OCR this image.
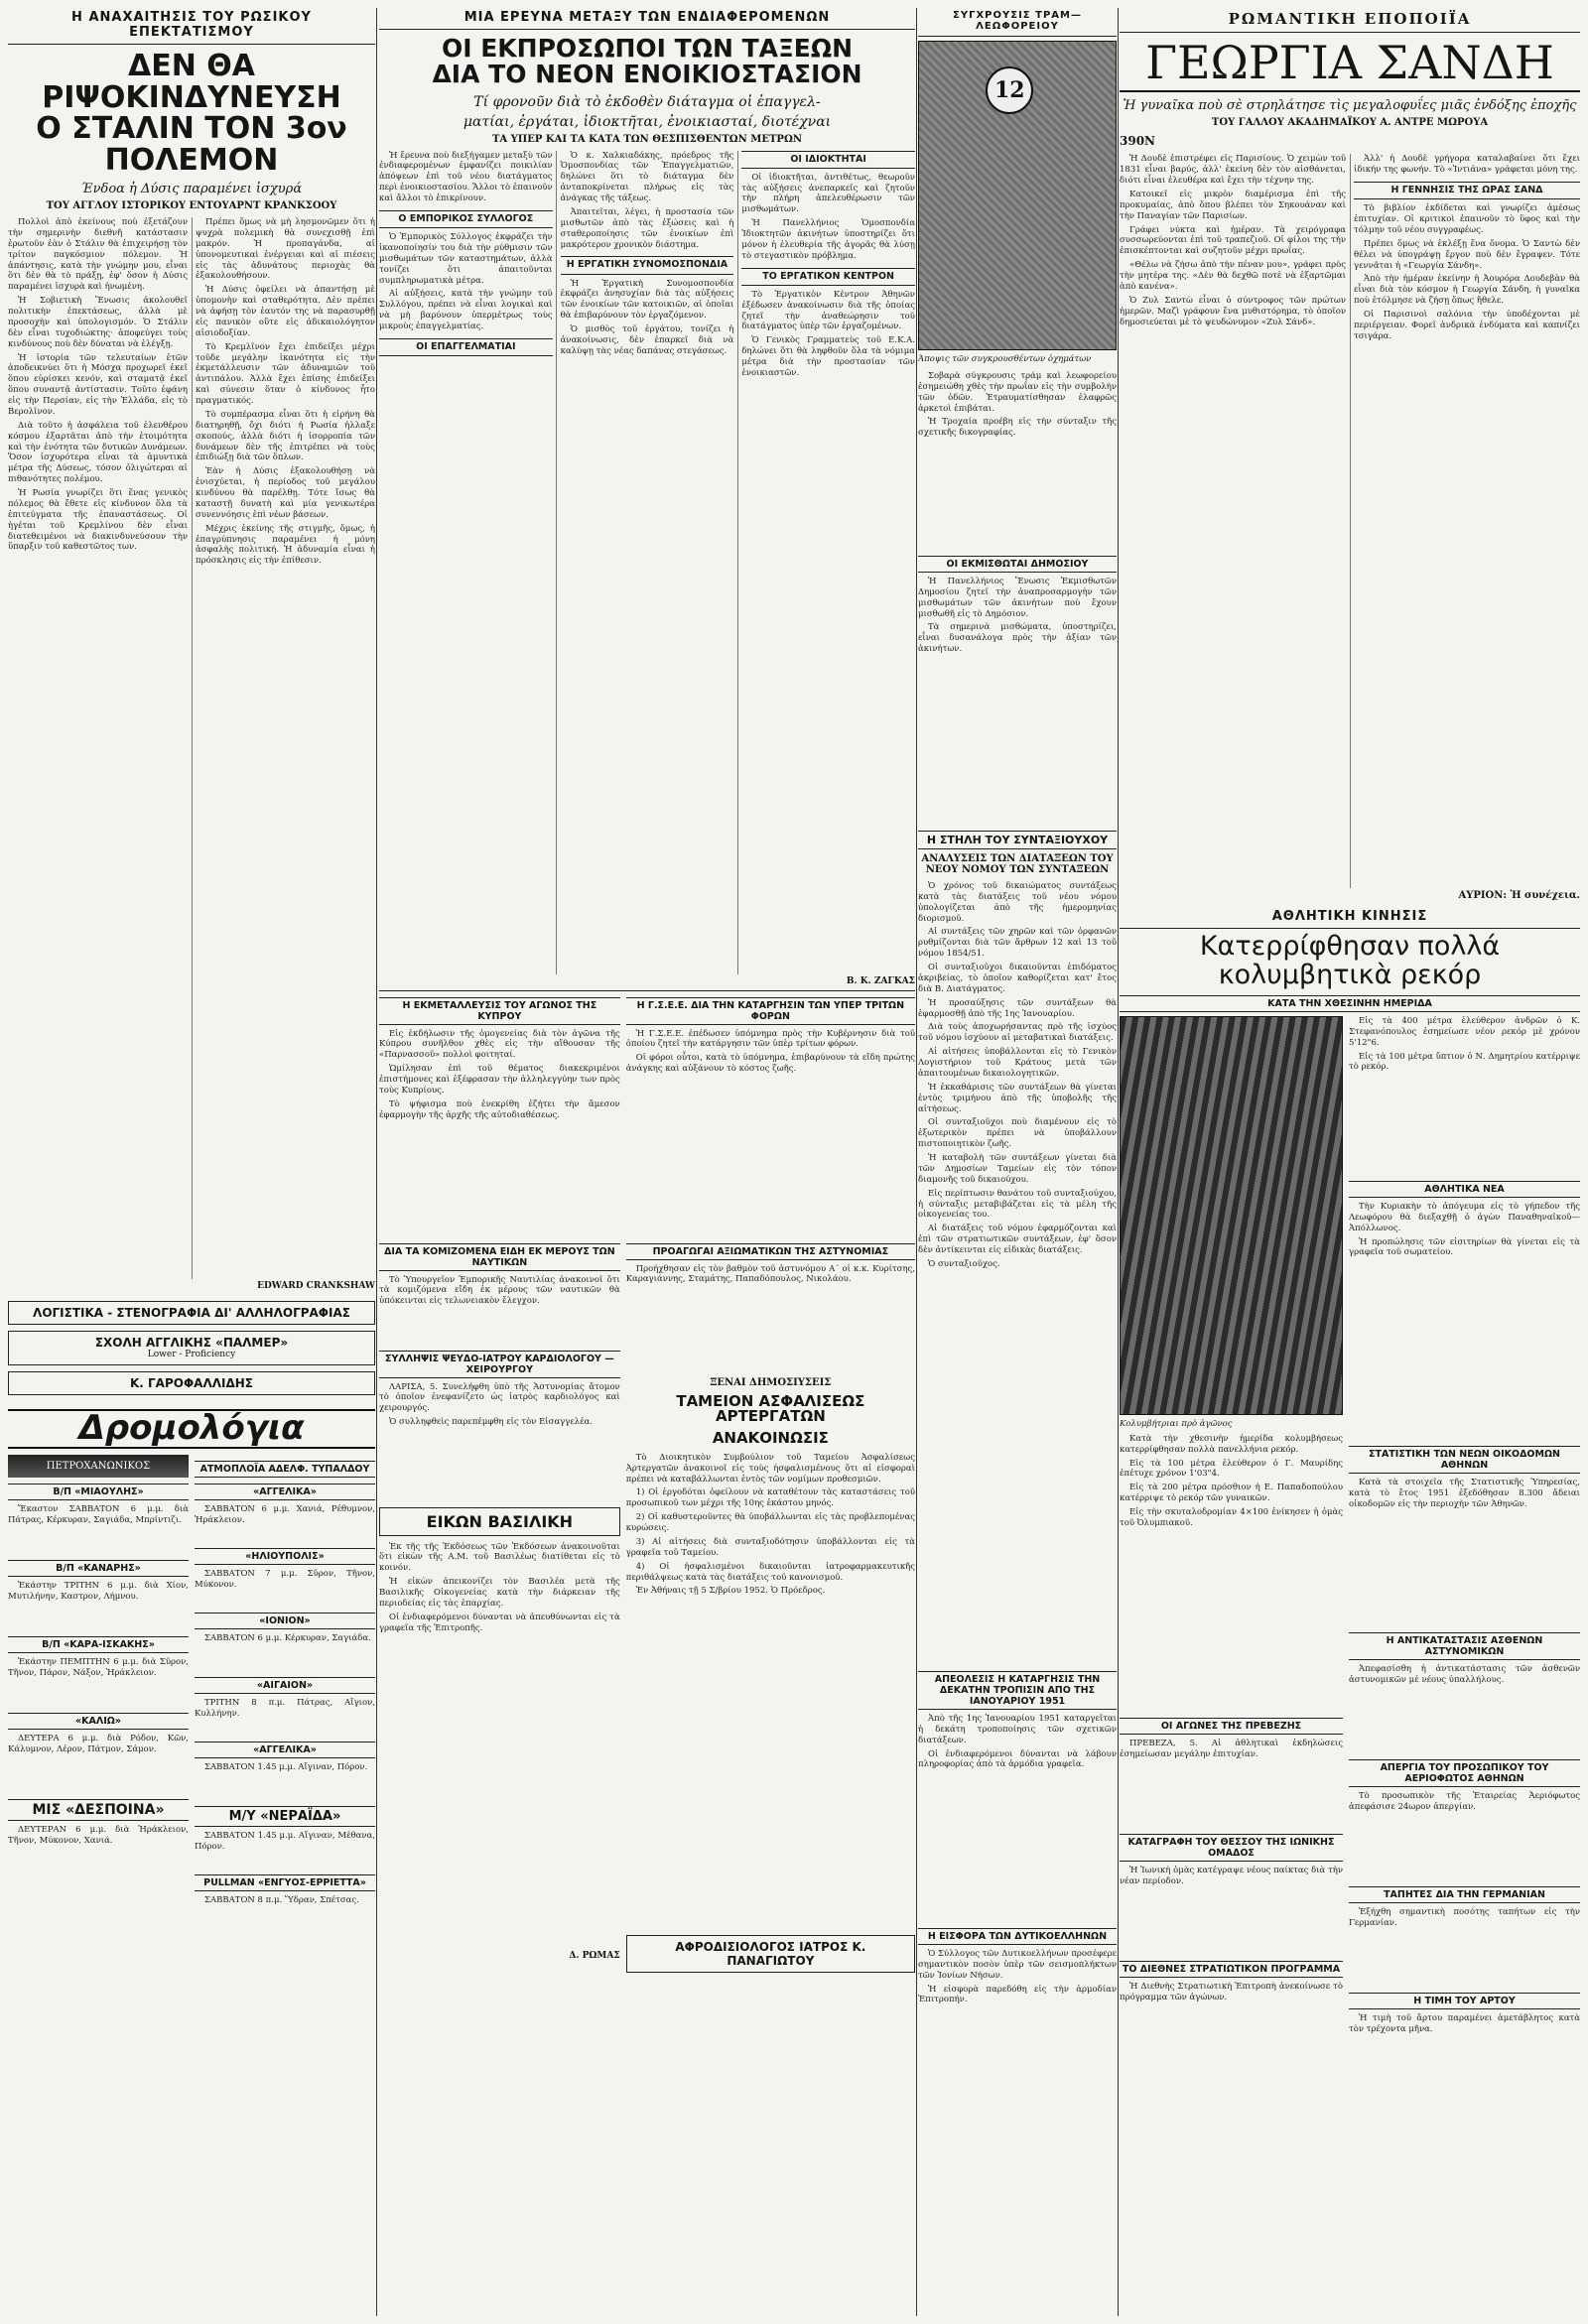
Η ΑΝΑΧΑΙΤΗΣΙΣ ΤΟΥ ΡΩΣΙΚΟΥ ΕΠΕΚΤΑΤΙΣΜΟΥ
ΔΕΝ ΘΑ ΡΙΨΟΚΙΝΔΥΝΕΥΣΗ
Ο ΣΤΑΛΙΝ ΤΟΝ 3ον ΠΟΛΕΜΟΝ
Ένδοα ἡ Δύσις παραμένει ἰσχυρά
ΤΟΥ ΑΓΓΛΟΥ ΙΣΤΟΡΙΚΟΥ ΕΝΤΟΥΑΡΝΤ ΚΡΑΝΚΣΟΟΥ

Πολλοὶ ἀπὸ ἐκείνους ποὺ ἐξετάζουν τὴν σημερινὴν διεθνῆ κατάστασιν ἐρωτοῦν ἐὰν ὁ Στάλιν θὰ ἐπιχειρήσῃ τὸν τρίτον παγκόσμιον πόλεμον. Ἡ ἀπάντησις, κατὰ τὴν γνώμην μου, εἶναι ὅτι δὲν θὰ τὸ πράξῃ, ἐφ' ὅσον ἡ Δύσις παραμένει ἰσχυρὰ καὶ ἡνωμένη.

Ἡ Σοβιετικὴ Ἕνωσις ἀκολουθεῖ πολιτικὴν ἐπεκτάσεως, ἀλλὰ μὲ προσοχὴν καὶ ὑπολογισμόν. Ὁ Στάλιν δὲν εἶναι τυχοδιώκτης· ἀποφεύγει τοὺς κινδύνους ποὺ δὲν δύναται νὰ ἐλέγξῃ.

Ἡ ἱστορία τῶν τελευταίων ἐτῶν ἀποδεικνύει ὅτι ἡ Μόσχα προχωρεῖ ἐκεῖ ὅπου εὑρίσκει κενόν, καὶ σταματᾷ ἐκεῖ ὅπου συναντᾷ ἀντίστασιν. Τοῦτο ἐφάνη εἰς τὴν Περσίαν, εἰς τὴν Ἑλλάδα, εἰς τὸ Βερολῖνον.

Διὰ τοῦτο ἡ ἀσφάλεια τοῦ ἐλευθέρου κόσμου ἐξαρτᾶται ἀπὸ τὴν ἑτοιμότητα καὶ τὴν ἑνότητα τῶν δυτικῶν Δυνάμεων. Ὅσον ἰσχυρότερα εἶναι τὰ ἀμυντικὰ μέτρα τῆς Δύσεως, τόσον ὀλιγώτεραι αἱ πιθανότητες πολέμου.

Ἡ Ρωσία γνωρίζει ὅτι ἕνας γενικὸς πόλεμος θὰ ἔθετε εἰς κίνδυνον ὅλα τὰ ἐπιτεύγματα τῆς ἐπαναστάσεως. Οἱ ἡγέται τοῦ Κρεμλίνου δὲν εἶναι διατεθειμένοι νὰ διακινδυνεύσουν τὴν ὕπαρξιν τοῦ καθεστῶτος των.

Πρέπει ὅμως νὰ μὴ λησμονῶμεν ὅτι ἡ ψυχρὰ πολεμικὴ θὰ συνεχισθῇ ἐπὶ μακρόν. Ἡ προπαγάνδα, αἱ ὑπονομευτικαὶ ἐνέργειαι καὶ αἱ πιέσεις εἰς τὰς ἀδυνάτους περιοχὰς θὰ ἐξακολουθήσουν.

Ἡ Δύσις ὀφείλει νὰ ἀπαντήσῃ μὲ ὑπομονὴν καὶ σταθερότητα. Δὲν πρέπει νὰ ἀφήσῃ τὸν ἑαυτόν της νὰ παρασυρθῇ εἰς πανικὸν οὔτε εἰς ἀδικαιολόγητον αἰσιοδοξίαν.

Τὸ Κρεμλῖνον ἔχει ἐπιδείξει μέχρι τοῦδε μεγάλην ἱκανότητα εἰς τὴν ἐκμετάλλευσιν τῶν ἀδυναμιῶν τοῦ ἀντιπάλου. Ἀλλὰ ἔχει ἐπίσης ἐπιδείξει καὶ σύνεσιν ὅταν ὁ κίνδυνος ἦτο πραγματικός.

Τὸ συμπέρασμα εἶναι ὅτι ἡ εἰρήνη θὰ διατηρηθῇ, ὄχι διότι ἡ Ρωσία ἠλλαξε σκοπούς, ἀλλὰ διότι ἡ ἰσορροπία τῶν δυνάμεων δὲν τῆς ἐπιτρέπει νὰ τοὺς ἐπιδιώξῃ διὰ τῶν ὅπλων.

Ἐὰν ἡ Δύσις ἐξακολουθήσῃ νὰ ἐνισχύεται, ἡ περίοδος τοῦ μεγάλου κινδύνου θὰ παρέλθῃ. Τότε ἴσως θὰ καταστῇ δυνατὴ καὶ μία γενικωτέρα συνεννόησις ἐπὶ νέων βάσεων.

Μέχρις ἐκείνης τῆς στιγμῆς, ὅμως, ἡ ἐπαγρύπνησις παραμένει ἡ μόνη ἀσφαλὴς πολιτική. Ἡ ἀδυναμία εἶναι ἡ πρόσκλησις εἰς τὴν ἐπίθεσιν.

EDWARD CRANKSHAW
ΛΟΓΙΣΤΙΚΑ - ΣΤΕΝΟΓΡΑΦΙΑ ΔΙ' ΑΛΛΗΛΟΓΡΑΦΙΑΣ
ΣΧΟΛΗ ΑΓΓΛΙΚΗΣ «ΠΑΛΜΕΡ»
Lower - Proficiency
Κ. ΓΑΡΟΦΑΛΛΙΔΗΣ
Δρομολόγια
ΠΕΤΡΟΧΑΝΩΝΙΚΟΣ
Β/Π «ΜΙΑΟΥΛΗΣ»

Ἔκαστον ΣΑΒΒΑΤΟΝ 6 μ.μ. διὰ Πάτρας, Κέρκυραν, Σαγιάδα, Μπρίντιζι.

Β/Π «ΚΑΝΑΡΗΣ»

Ἑκάστην ΤΡΙΤΗΝ 6 μ.μ. διὰ Χίον, Μυτιλήνην, Καστρον, Λήμνου.

Β/Π «ΚΑΡΑ-ΙΣΚΑΚΗΣ»

Ἑκάστην ΠΕΜΠΤΗΝ 6 μ.μ. διὰ Σῦρον, Τῆνον, Πάρον, Νάξον, Ἡράκλειον.

«ΚΑΛΙΩ»

ΔΕΥΤΕΡΑ 6 μ.μ. διὰ Ρόδον, Κῶν, Κάλυμνον, Λέρον, Πάτμον, Σάμον.

ΜΙΣ «ΔΕΣΠΟΙΝΑ»

ΔΕΥΤΕΡΑΝ 6 μ.μ. διὰ Ἡράκλειον, Τῆνον, Μύκονον, Χανιά.

ΑΤΜΟΠΛΟΪΑ ΑΔΕΛΦ. ΤΥΠΑΛΔΟΥ
«ΑΓΓΕΛΙΚΑ»

ΣΑΒΒΑΤΟΝ 6 μ.μ. Χανιά, Ρέθυμνον, Ἡράκλειον.

«ΗΛΙΟΥΠΟΛΙΣ»

ΣΑΒΒΑΤΟΝ 7 μ.μ. Σῦρον, Τῆνον, Μύκονον.

«ΙΟΝΙΟΝ»

ΣΑΒΒΑΤΟΝ 6 μ.μ. Κέρκυραν, Σαγιάδα.

«ΑΙΓΑΙΟΝ»

ΤΡΙΤΗΝ 8 π.μ. Πάτρας, Αἴγιον, Κυλλήνην.

«ΑΓΓΕΛΙΚΑ»

ΣΑΒΒΑΤΟΝ 1.45 μ.μ. Αἴγιναν, Πόρον.

Μ/Υ «ΝΕΡΑΪΔΑ»

ΣΑΒΒΑΤΟΝ 1.45 μ.μ. Αἴγιναν, Μέθανα, Πόρον.

PULLMAN «ΕΝΓΥΟΣ-ΕΡΡΙΕΤΤΑ»

ΣΑΒΒΑΤΟΝ 8 π.μ. Ὕδραν, Σπέτσας.

ΜΙΑ ΕΡΕΥΝΑ ΜΕΤΑΞΥ ΤΩΝ ΕΝΔΙΑΦΕΡΟΜΕΝΩΝ
ΟΙ ΕΚΠΡΟΣΩΠΟΙ ΤΩΝ ΤΑΞΕΩΝ
ΔΙΑ ΤΟ ΝΕΟΝ ΕΝΟΙΚΙΟΣΤΑΣΙΟΝ
Τί φρονοῦν διὰ τὸ ἐκδοθὲν διάταγμα οἱ ἐπαγγελ-
ματίαι, ἐργάται, ἰδιοκτῆται, ἐνοικιασταί, διοτέχναι
ΤΑ ΥΠΕΡ ΚΑΙ ΤΑ ΚΑΤΑ ΤΩΝ ΘΕΣΠΙΣΘΕΝΤΩΝ ΜΕΤΡΩΝ

Ἡ ἔρευνα ποὺ διεξήγαμεν μεταξὺ τῶν ἐνδιαφερομένων ἐμφανίζει ποικιλίαν ἀπόψεων ἐπὶ τοῦ νέου διατάγματος περὶ ἐνοικιοστασίου. Ἄλλοι τὸ ἐπαινοῦν καὶ ἄλλοι τὸ ἐπικρίνουν.

Ο ΕΜΠΟΡΙΚΟΣ ΣΥΛΛΟΓΟΣ

Ὁ Ἐμπορικὸς Σύλλογος ἐκφράζει τὴν ἱκανοποίησίν του διὰ τὴν ρύθμισιν τῶν μισθωμάτων τῶν καταστημάτων, ἀλλὰ τονίζει ὅτι ἀπαιτοῦνται συμπληρωματικὰ μέτρα.

Αἱ αὐξήσεις, κατὰ τὴν γνώμην τοῦ Συλλόγου, πρέπει νὰ εἶναι λογικαὶ καὶ νὰ μὴ βαρύνουν ὑπερμέτρως τοὺς μικροὺς ἐπαγγελματίας.

ΟΙ ΕΠΑΓΓΕΛΜΑΤΙΑΙ

Ὁ κ. Χαλκιαδάκης, πρόεδρος τῆς Ὁμοσπονδίας τῶν Ἐπαγγελματιῶν, δηλώνει ὅτι τὸ διάταγμα δὲν ἀνταποκρίνεται πλήρως εἰς τὰς ἀνάγκας τῆς τάξεως.

Ἀπαιτεῖται, λέγει, ἡ προστασία τῶν μισθωτῶν ἀπὸ τὰς ἐξώσεις καὶ ἡ σταθεροποίησις τῶν ἐνοικίων ἐπὶ μακρότερον χρονικὸν διάστημα.

Η ΕΡΓΑΤΙΚΗ ΣΥΝΟΜΟΣΠΟΝΔΙΑ

Ἡ Ἐργατικὴ Συνομοσπονδία ἐκφράζει ἀνησυχίαν διὰ τὰς αὐξήσεις τῶν ἐνοικίων τῶν κατοικιῶν, αἱ ὁποῖαι θὰ ἐπιβαρύνουν τὸν ἐργαζόμενον.

Ὁ μισθὸς τοῦ ἐργάτου, τονίζει ἡ ἀνακοίνωσις, δὲν ἐπαρκεῖ διὰ νὰ καλύψῃ τὰς νέας δαπάνας στεγάσεως.

ΟΙ ΙΔΙΟΚΤΗΤΑΙ

Οἱ ἰδιοκτῆται, ἀντιθέτως, θεωροῦν τὰς αὐξήσεις ἀνεπαρκεῖς καὶ ζητοῦν τὴν πλήρη ἀπελευθέρωσιν τῶν μισθωμάτων.

Ἡ Πανελλήνιος Ὁμοσπονδία Ἰδιοκτητῶν ἀκινήτων ὑποστηρίζει ὅτι μόνον ἡ ἐλευθερία τῆς ἀγορᾶς θὰ λύσῃ τὸ στεγαστικὸν πρόβλημα.

ΤΟ ΕΡΓΑΤΙΚΟΝ ΚΕΝΤΡΟΝ

Τὸ Ἐργατικὸν Κέντρον Ἀθηνῶν ἐξέδωσεν ἀνακοίνωσιν διὰ τῆς ὁποίας ζητεῖ τὴν ἀναθεώρησιν τοῦ διατάγματος ὑπὲρ τῶν ἐργαζομένων.

Ὁ Γενικὸς Γραμματεὺς τοῦ Ε.Κ.Α. δηλώνει ὅτι θὰ ληφθοῦν ὅλα τὰ νόμιμα μέτρα διὰ τὴν προστασίαν τῶν ἐνοικιαστῶν.

Β. Κ. ΖΑΓΚΑΣ
Η ΕΚΜΕΤΑΛΛΕΥΣΙΣ ΤΟΥ ΑΓΩΝΟΣ ΤΗΣ ΚΥΠΡΟΥ

Εἰς ἐκδήλωσιν τῆς ὁμογενείας διὰ τὸν ἀγῶνα τῆς Κύπρου συνῆλθον χθὲς εἰς τὴν αἴθουσαν τῆς «Παρνασσοῦ» πολλοὶ φοιτηταί.

Ὡμίλησαν ἐπὶ τοῦ θέματος διακεκριμένοι ἐπιστήμονες καὶ ἐξέφρασαν τὴν ἀλληλεγγύην των πρὸς τοὺς Κυπρίους.

Τὸ ψήφισμα ποὺ ἐνεκρίθη ἐζήτει τὴν ἄμεσον ἐφαρμογὴν τῆς ἀρχῆς τῆς αὐτοδιαθέσεως.

ΔΙΑ ΤΑ ΚΟΜΙΖΟΜΕΝΑ ΕΙΔΗ ΕΚ ΜΕΡΟΥΣ ΤΩΝ ΝΑΥΤΙΚΩΝ

Τὸ Ὑπουργεῖον Ἐμπορικῆς Ναυτιλίας ἀνακοινοῖ ὅτι τὰ κομιζόμενα εἴδη ἐκ μέρους τῶν ναυτικῶν θὰ ὑπόκεινται εἰς τελωνειακὸν ἔλεγχον.

ΣΥΛΛΗΨΙΣ ΨΕΥΔΟ-ΙΑΤΡΟΥ ΚΑΡΔΙΟΛΟΓΟΥ — ΧΕΙΡΟΥΡΓΟΥ

ΛΑΡΙΣΑ, 5. Συνελήφθη ὑπὸ τῆς Ἀστυνομίας ἄτομον τὸ ὁποῖον ἐνεφανίζετο ὡς ἰατρὸς καρδιολόγος καὶ χειρουργός.

Ὁ συλληφθεὶς παρεπέμφθη εἰς τὸν Εἰσαγγελέα.

ΕΙΚΩΝ ΒΑΣΙΛΙΚΗ

Ἐκ τῆς τῆς Ἐκδόσεως τῶν Ἐκδόσεων ἀνακοινοῦται ὅτι εἰκὼν τῆς Α.Μ. τοῦ Βασιλέως διατίθεται εἰς τὸ κοινόν.

Ἡ εἰκὼν ἀπεικονίζει τὸν Βασιλέα μετὰ τῆς Βασιλικῆς Οἰκογενείας κατὰ τὴν διάρκειαν τῆς περιοδείας εἰς τὰς ἐπαρχίας.

Οἱ ἐνδιαφερόμενοι δύνανται νὰ ἀπευθύνωνται εἰς τὰ γραφεῖα τῆς Ἐπιτροπῆς.

Δ. ΡΩΜΑΣ
Η Γ.Σ.Ε.Ε. ΔΙΑ ΤΗΝ ΚΑΤΑΡΓΗΣΙΝ ΤΩΝ ΥΠΕΡ ΤΡΙΤΩΝ ΦΟΡΩΝ

Ἡ Γ.Σ.Ε.Ε. ἐπέδωσεν ὑπόμνημα πρὸς τὴν Κυβέρνησιν διὰ τοῦ ὁποίου ζητεῖ τὴν κατάργησιν τῶν ὑπὲρ τρίτων φόρων.

Οἱ φόροι οὗτοι, κατὰ τὸ ὑπόμνημα, ἐπιβαρύνουν τὰ εἴδη πρώτης ἀνάγκης καὶ αὐξάνουν τὸ κόστος ζωῆς.

ΠΡΟΑΓΩΓΑΙ ΑΞΙΩΜΑΤΙΚΩΝ ΤΗΣ ΑΣΤΥΝΟΜΙΑΣ

Προήχθησαν εἰς τὸν βαθμὸν τοῦ ἀστυνόμου Α΄ οἱ κ.κ. Κυρίτσης, Καραγιάννης, Σταμάτης, Παπαδόπουλος, Νικολάου.

ΞΕΝΑΙ ΔΗΜΟΣΙΥΣΕΙΣ
ΤΑΜΕΙΟΝ ΑΣΦΑΛΙΣΕΩΣ ΑΡΤΕΡΓΑΤΩΝ
ΑΝΑΚΟΙΝΩΣΙΣ

Τὸ Διοικητικὸν Συμβούλιον τοῦ Ταμείου Ἀσφαλίσεως Ἀρτεργατῶν ἀνακοινοῖ εἰς τοὺς ἠσφαλισμένους ὅτι αἱ εἰσφοραὶ πρέπει νὰ καταβάλλωνται ἐντὸς τῶν νομίμων προθεσμιῶν.

1) Οἱ ἐργοδόται ὀφείλουν νὰ καταθέτουν τὰς καταστάσεις τοῦ προσωπικοῦ των μέχρι τῆς 10ης ἑκάστου μηνός.

2) Οἱ καθυστεροῦντες θὰ ὑποβάλλωνται εἰς τὰς προβλεπομένας κυρώσεις.

3) Αἱ αἰτήσεις διὰ συνταξιοδότησιν ὑποβάλλονται εἰς τὰ γραφεῖα τοῦ Ταμείου.

4) Οἱ ἠσφαλισμένοι δικαιοῦνται ἰατροφαρμακευτικῆς περιθάλψεως κατὰ τὰς διατάξεις τοῦ κανονισμοῦ.

Ἐν Ἀθήναις τῇ 5 Σ/βρίου 1952. Ὁ Πρόεδρος.

ΑΦΡΟΔΙΣΙΟΛΟΓΟΣ ΙΑΤΡΟΣ Κ. ΠΑΝΑΓΙΩΤΟΥ
ΣΥΓΧΡΟΥΣΙΣ ΤΡΑΜ—ΛΕΩΦΟΡΕΙΟΥ
12
Άποψις τῶν συγκρουσθέντων ὀχημάτων

Σοβαρὰ σύγκρουσις τράμ καὶ λεωφορείου ἐσημειώθη χθὲς τὴν πρωΐαν εἰς τὴν συμβολὴν τῶν ὁδῶν. Ἐτραυματίσθησαν ἐλαφρῶς ἀρκετοὶ ἐπιβάται.

Ἡ Τροχαία προέβη εἰς τὴν σύνταξιν τῆς σχετικῆς δικογραφίας.

ΟΙ ΕΚΜΙΣΘΩΤΑΙ ΔΗΜΟΣΙΟΥ

Ἡ Πανελλήνιος Ἕνωσις Ἐκμισθωτῶν Δημοσίου ζητεῖ τὴν ἀναπροσαρμογὴν τῶν μισθωμάτων τῶν ἀκινήτων ποὺ ἔχουν μισθωθῆ εἰς τὸ Δημόσιον.

Τὰ σημερινὰ μισθώματα, ὑποστηρίζει, εἶναι δυσανάλογα πρὸς τὴν ἀξίαν τῶν ἀκινήτων.

Η ΣΤΗΛΗ ΤΟΥ ΣΥΝΤΑΞΙΟΥΧΟΥ
ΑΝΑΛΥΣΕΙΣ ΤΩΝ ΔΙΑΤΑΞΕΩΝ ΤΟΥ ΝΕΟΥ ΝΟΜΟΥ ΤΩΝ ΣΥΝΤΑΞΕΩΝ

Ὁ χρόνος τοῦ δικαιώματος συντάξεως κατὰ τὰς διατάξεις τοῦ νέου νόμου ὑπολογίζεται ἀπὸ τῆς ἡμερομηνίας διορισμοῦ.

Αἱ συντάξεις τῶν χηρῶν καὶ τῶν ὀρφανῶν ρυθμίζονται διὰ τῶν ἄρθρων 12 καὶ 13 τοῦ νόμου 1854/51.

Οἱ συνταξιοῦχοι δικαιοῦνται ἐπιδόματος ἀκριβείας, τὸ ὁποῖον καθορίζεται κατ' ἔτος διὰ Β. Διατάγματος.

Ἡ προσαύξησις τῶν συντάξεων θὰ ἐφαρμοσθῇ ἀπὸ τῆς 1ης Ἰανουαρίου.

Διὰ τοὺς ἀποχωρήσαντας πρὸ τῆς ἰσχύος τοῦ νόμου ἰσχύουν αἱ μεταβατικαὶ διατάξεις.

Αἱ αἰτήσεις ὑποβάλλονται εἰς τὸ Γενικὸν Λογιστήριον τοῦ Κράτους μετὰ τῶν ἀπαιτουμένων δικαιολογητικῶν.

Ἡ ἐκκαθάρισις τῶν συντάξεων θὰ γίνεται ἐντὸς τριμήνου ἀπὸ τῆς ὑποβολῆς τῆς αἰτήσεως.

Οἱ συνταξιοῦχοι ποὺ διαμένουν εἰς τὸ ἐξωτερικὸν πρέπει νὰ ὑποβάλλουν πιστοποιητικὸν ζωῆς.

Ἡ καταβολὴ τῶν συντάξεων γίνεται διὰ τῶν Δημοσίων Ταμείων εἰς τὸν τόπον διαμονῆς τοῦ δικαιούχου.

Εἰς περίπτωσιν θανάτου τοῦ συνταξιούχου, ἡ σύνταξις μεταβιβάζεται εἰς τὰ μέλη τῆς οἰκογενείας του.

Αἱ διατάξεις τοῦ νόμου ἐφαρμόζονται καὶ ἐπὶ τῶν στρατιωτικῶν συντάξεων, ἐφ' ὅσον δὲν ἀντίκεινται εἰς εἰδικὰς διατάξεις.

Ὁ συνταξιοῦχος.

ΑΠΕΟΛΕΣΙΣ Η ΚΑΤΑΡΓΗΣΙΣ ΤΗΝ ΔΕΚΑΤΗΝ ΤΡΟΠΙΣΙΝ ΑΠΟ ΤΗΣ ΙΑΝΟΥΑΡΙΟΥ 1951

Ἀπὸ τῆς 1ης Ἰανουαρίου 1951 καταργεῖται ἡ δεκάτη τροποποίησις τῶν σχετικῶν διατάξεων.

Οἱ ἐνδιαφερόμενοι δύνανται νὰ λάβουν πληροφορίας ἀπὸ τὰ ἁρμόδια γραφεῖα.

Η ΕΙΣΦΟΡΑ ΤΩΝ ΔΥΤΙΚΟΕΛΛΗΝΩΝ

Ὁ Σύλλογος τῶν Δυτικοελλήνων προσέφερε σημαντικὸν ποσὸν ὑπὲρ τῶν σεισμοπλήκτων τῶν Ἰονίων Νήσων.

Ἡ εἰσφορὰ παρεδόθη εἰς τὴν ἁρμοδίαν Ἐπιτροπήν.

ΡΩΜΑΝΤΙΚΗ ΕΠΟΠΟΙΪΑ
ΓΕΩΡΓΙΑ ΣΑΝΔΗ
Ἡ γυναῖκα ποὺ σὲ στρηλάτησε τὶς μεγαλοφυΐες μιᾶς ἐνδόξης ἐποχῆς
ΤΟΥ ΓΑΛΛΟΥ ΑΚΑΔΗΜΑΪΚΟΥ Α. ΑΝΤΡΕ ΜΩΡΟΥΑ
390Ν

Ἡ Δουδὲ ἐπιστρέφει εἰς Παρισίους. Ὁ χειμὼν τοῦ 1831 εἶναι βαρύς, ἀλλ' ἐκείνη δὲν τὸν αἰσθάνεται, διότι εἶναι ἐλευθέρα καὶ ἔχει τὴν τέχνην της.

Κατοικεῖ εἰς μικρὸν διαμέρισμα ἐπὶ τῆς προκυμαίας, ἀπὸ ὅπου βλέπει τὸν Σηκουάναν καὶ τὴν Παναγίαν τῶν Παρισίων.

Γράφει νύκτα καὶ ἡμέραν. Τὰ χειρόγραφα συσσωρεύονται ἐπὶ τοῦ τραπεζιοῦ. Οἱ φίλοι της τὴν ἐπισκέπτονται καὶ συζητοῦν μέχρι πρωΐας.

«Θέλω νὰ ζήσω ἀπὸ τὴν πέναν μου», γράφει πρὸς τὴν μητέρα της. «Δὲν θὰ δεχθῶ ποτὲ νὰ ἐξαρτῶμαι ἀπὸ κανένα».

Ὁ Ζυλ Σαντὼ εἶναι ὁ σύντροφος τῶν πρώτων ἡμερῶν. Μαζὶ γράφουν ἕνα μυθιστόρημα, τὸ ὁποῖον δημοσιεύεται μὲ τὸ ψευδώνυμον «Ζυλ Σάνδ».

Ἀλλ' ἡ Δουδὲ γρήγορα καταλαβαίνει ὅτι ἔχει ἰδικήν της φωνήν. Τὸ «Ἰντιάνα» γράφεται μόνη της.

Η ΓΕΝΝΗΣΙΣ ΤΗΣ ΩΡΑΣ ΣΑΝΔ

Τὸ βιβλίον ἐκδίδεται καὶ γνωρίζει ἀμέσως ἐπιτυχίαν. Οἱ κριτικοὶ ἐπαινοῦν τὸ ὕφος καὶ τὴν τόλμην τοῦ νέου συγγραφέως.

Πρέπει ὅμως νὰ ἐκλέξῃ ἕνα ὄνομα. Ὁ Σαντὼ δὲν θέλει νὰ ὑπογράψῃ ἔργον ποὺ δὲν ἔγραψεν. Τότε γεννᾶται ἡ «Γεωργία Σάνδη».

Ἀπὸ τὴν ἡμέραν ἐκείνην ἡ Ἀουρόρα Δουδεβὰν θὰ εἶναι διὰ τὸν κόσμον ἡ Γεωργία Σάνδη, ἡ γυναῖκα ποὺ ἐτόλμησε νὰ ζήσῃ ὅπως ἤθελε.

Οἱ Παρισινοὶ σαλόνια τὴν ὑποδέχονται μὲ περιέργειαν. Φορεῖ ἀνδρικὰ ἐνδύματα καὶ καπνίζει τσιγάρα.

ΑΥΡΙΟΝ: Ἡ συνέχεια.
ΑΘΛΗΤΙΚΗ ΚΙΝΗΣΙΣ
Κατερρίφθησαν πολλά
κολυμβητικὰ ρεκόρ
ΚΑΤΑ ΤΗΝ ΧΘΕΣΙΝΗΝ ΗΜΕΡΙΔΑ
Κολυμβήτριαι πρὸ ἀγῶνος

Κατὰ τὴν χθεσινὴν ἡμερίδα κολυμβήσεως κατερρίφθησαν πολλὰ πανελλήνια ρεκόρ.

Εἰς τὰ 100 μέτρα ἐλεύθερον ὁ Γ. Μαυρίδης ἐπέτυχε χρόνον 1'03"4.

Εἰς τὰ 200 μέτρα πρόσθιον ἡ Ε. Παπαδοπούλου κατέρριψε τὸ ρεκόρ τῶν γυναικῶν.

Εἰς τὴν σκυταλοδρομίαν 4×100 ἐνίκησεν ἡ ὁμὰς τοῦ Ὀλυμπιακοῦ.

ΟΙ ΑΓΩΝΕΣ ΤΗΣ ΠΡΕΒΕΖΗΣ

ΠΡΕΒΕΖΑ, 5. Αἱ ἀθλητικαὶ ἐκδηλώσεις ἐσημείωσαν μεγάλην ἐπιτυχίαν.

ΚΑΤΑΓΡΑΦΗ ΤΟΥ ΘΕΣΣΟΥ ΤΗΣ ΙΩΝΙΚΗΣ ΟΜΑΔΟΣ

Ἡ Ἰωνικὴ ὁμὰς κατέγραψε νέους παίκτας διὰ τὴν νέαν περίοδον.

ΤΟ ΔΙΕΘΝΕΣ ΣΤΡΑΤΙΩΤΙΚΟΝ ΠΡΟΓΡΑΜΜΑ

Ἡ Διεθνὴς Στρατιωτικὴ Ἐπιτροπὴ ἀνεκοίνωσε τὸ πρόγραμμα τῶν ἀγώνων.

Εἰς τὰ 400 μέτρα ἐλεύθερον ἀνδρῶν ὁ Κ. Στεφανόπουλος ἐσημείωσε νέον ρεκόρ μὲ χρόνον 5'12"6.

Εἰς τὰ 100 μέτρα ὕπτιον ὁ Ν. Δημητρίου κατέρριψε τὸ ρεκόρ.

ΑΘΛΗΤΙΚΑ ΝΕΑ

Τὴν Κυριακὴν τὸ ἀπόγευμα εἰς τὸ γήπεδον τῆς Λεωφόρου θὰ διεξαχθῇ ὁ ἀγὼν Παναθηναϊκοῦ—Ἀπόλλωνος.

Ἡ προπώλησις τῶν εἰσιτηρίων θὰ γίνεται εἰς τὰ γραφεῖα τοῦ σωματείου.

ΣΤΑΤΙΣΤΙΚΗ ΤΩΝ ΝΕΩΝ ΟΙΚΟΔΟΜΩΝ ΑΘΗΝΩΝ

Κατὰ τὰ στοιχεῖα τῆς Στατιστικῆς Ὑπηρεσίας, κατὰ τὸ ἔτος 1951 ἐξεδόθησαν 8.300 ἄδειαι οἰκοδομῶν εἰς τὴν περιοχὴν τῶν Ἀθηνῶν.

Η ΑΝΤΙΚΑΤΑΣΤΑΣΙΣ ΑΣΘΕΝΩΝ ΑΣΤΥΝΟΜΙΚΩΝ

Ἀπεφασίσθη ἡ ἀντικατάστασις τῶν ἀσθενῶν ἀστυνομικῶν μὲ νέους ὑπαλλήλους.

ΑΠΕΡΓΙΑ ΤΟΥ ΠΡΟΣΩΠΙΚΟΥ ΤΟΥ ΑΕΡΙΟΦΩΤΟΣ ΑΘΗΝΩΝ

Τὸ προσωπικὸν τῆς Ἑταιρείας Ἀεριόφωτος ἀπεφάσισε 24ωρον ἀπεργίαν.

ΤΑΠΗΤΕΣ ΔΙΑ ΤΗΝ ΓΕΡΜΑΝΙΑΝ

Ἐξήχθη σημαντικὴ ποσότης ταπήτων εἰς τὴν Γερμανίαν.

Η ΤΙΜΗ ΤΟΥ ΑΡΤΟΥ

Ἡ τιμὴ τοῦ ἄρτου παραμένει ἀμετάβλητος κατὰ τὸν τρέχοντα μῆνα.
